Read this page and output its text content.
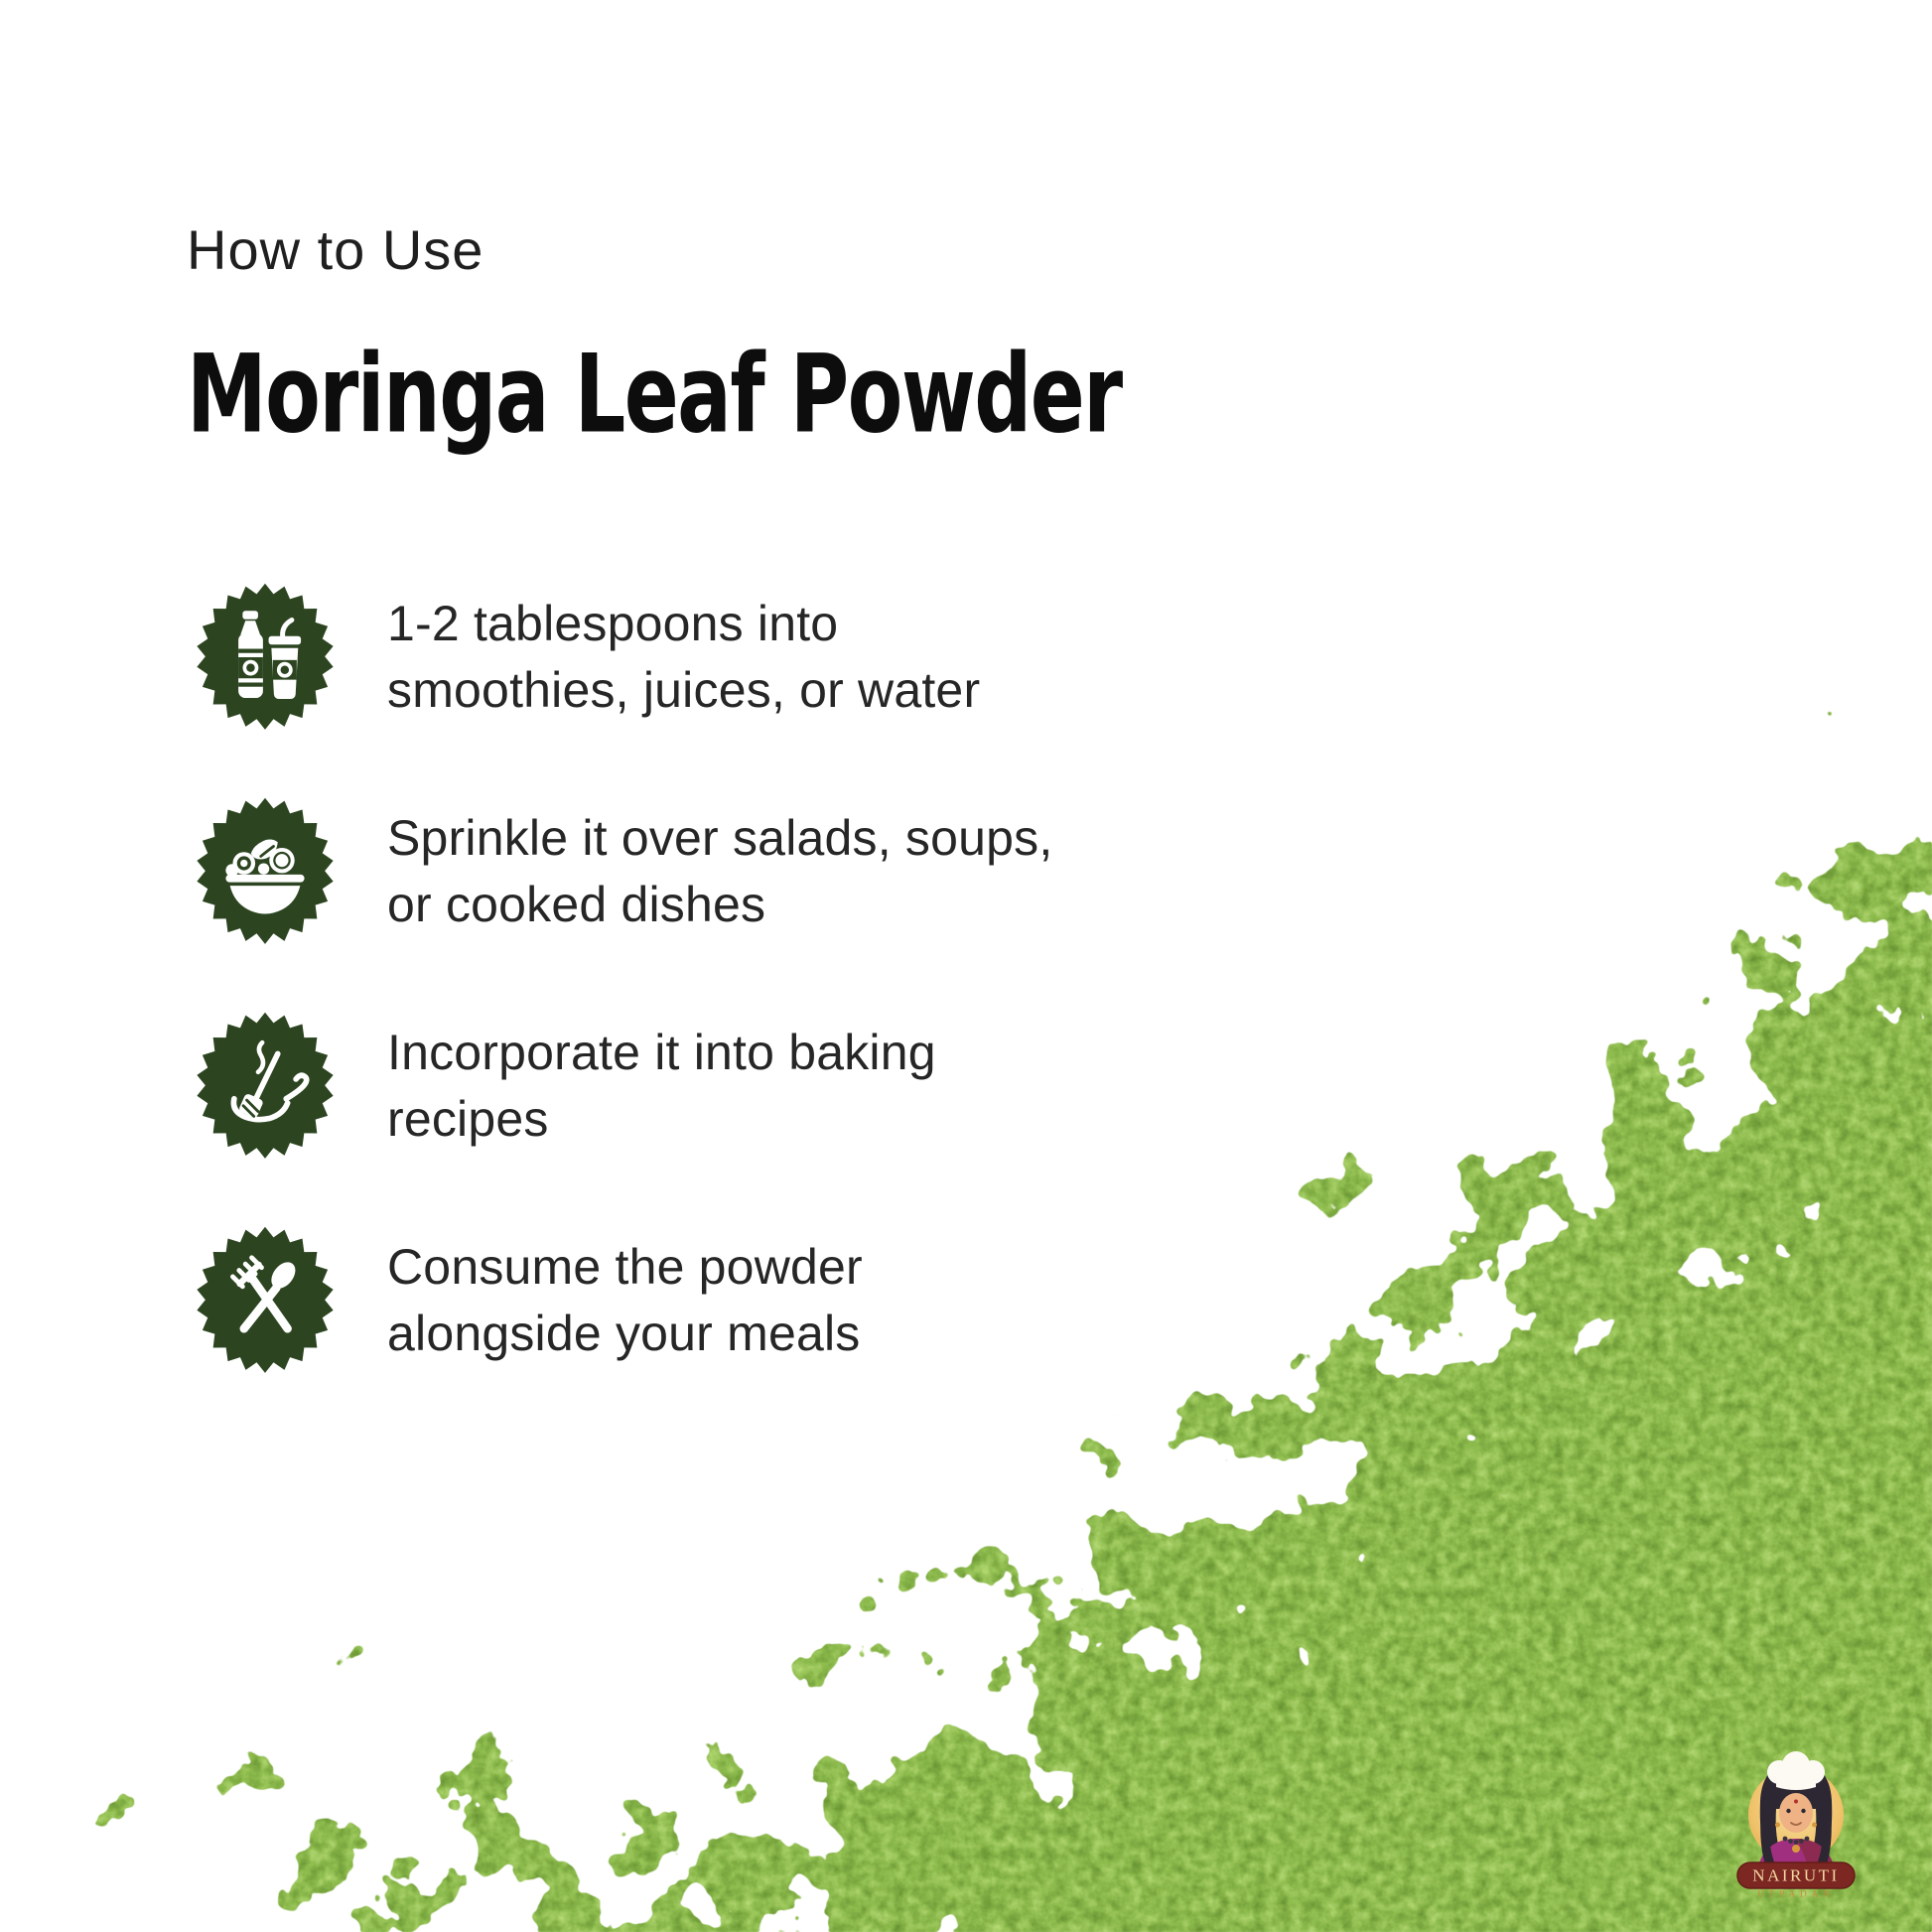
How to Use
Moringa Leaf Powder
1-2 tablespoons into
smoothies, juices, or water
Sprinkle it over salads, soups,
or cooked dishes
Incorporate it into baking
recipes
Consume the powder
alongside your meals
NAIRUTI
UTPADAN
